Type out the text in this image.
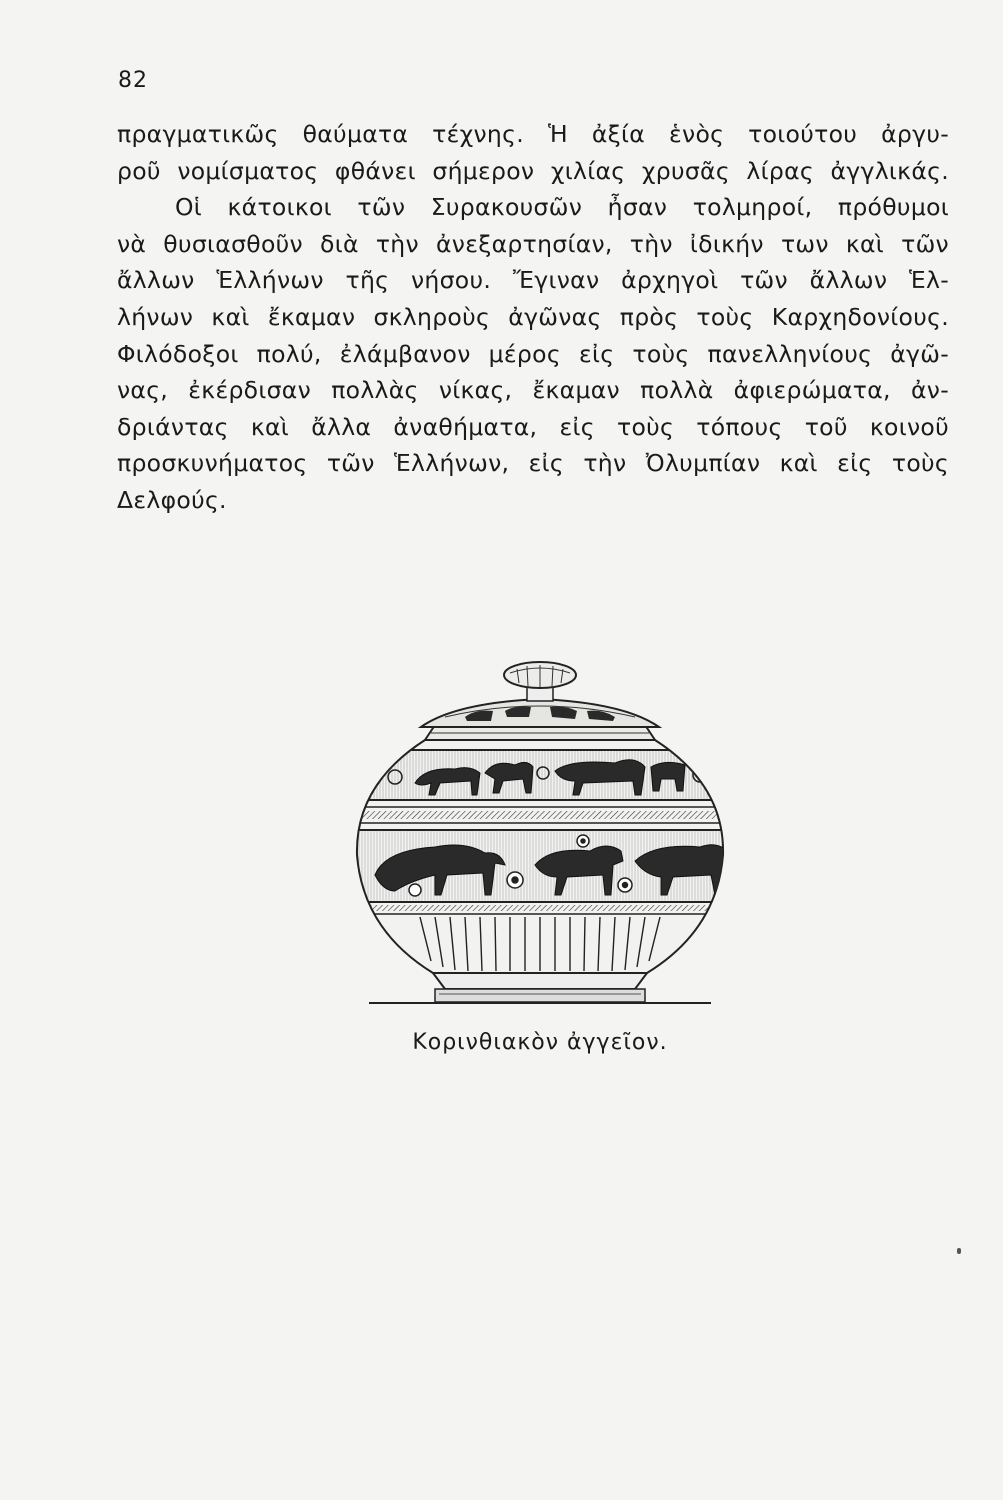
82
πραγματικῶς θαύματα τέχνης. Ἡ ἀξία ἑνὸς τοιούτου ἀργυ-
ροῦ νομίσματος φθάνει σήμερον χιλίας χρυσᾶς λίρας ἀγγλικάς.
Οἱ κάτοικοι τῶν Συρακουσῶν ἦσαν τολμηροί, πρόθυμοι
νὰ θυσιασθοῦν διὰ τὴν ἀνεξαρτησίαν, τὴν ἰδικήν των καὶ τῶν
ἄλλων Ἑλλήνων τῆς νήσου. Ἔγιναν ἀρχηγοὶ τῶν ἄλλων Ἑλ-
λήνων καὶ ἔκαμαν σκληροὺς ἀγῶνας πρὸς τοὺς Καρχηδονίους.
Φιλόδοξοι πολύ, ἐλάμβανον μέρος εἰς τοὺς πανελληνίους ἀγῶ-
νας, ἐκέρδισαν πολλὰς νίκας, ἔκαμαν πολλὰ ἀφιερώματα, ἀν-
δριάντας καὶ ἄλλα ἀναθήματα, εἰς τοὺς τόπους τοῦ κοινοῦ
προσκυνήματος τῶν Ἑλλήνων, εἰς τὴν Ὀλυμπίαν καὶ εἰς τοὺς
Δελφούς.
Κορινθιακὸν ἀγγεῖον.
